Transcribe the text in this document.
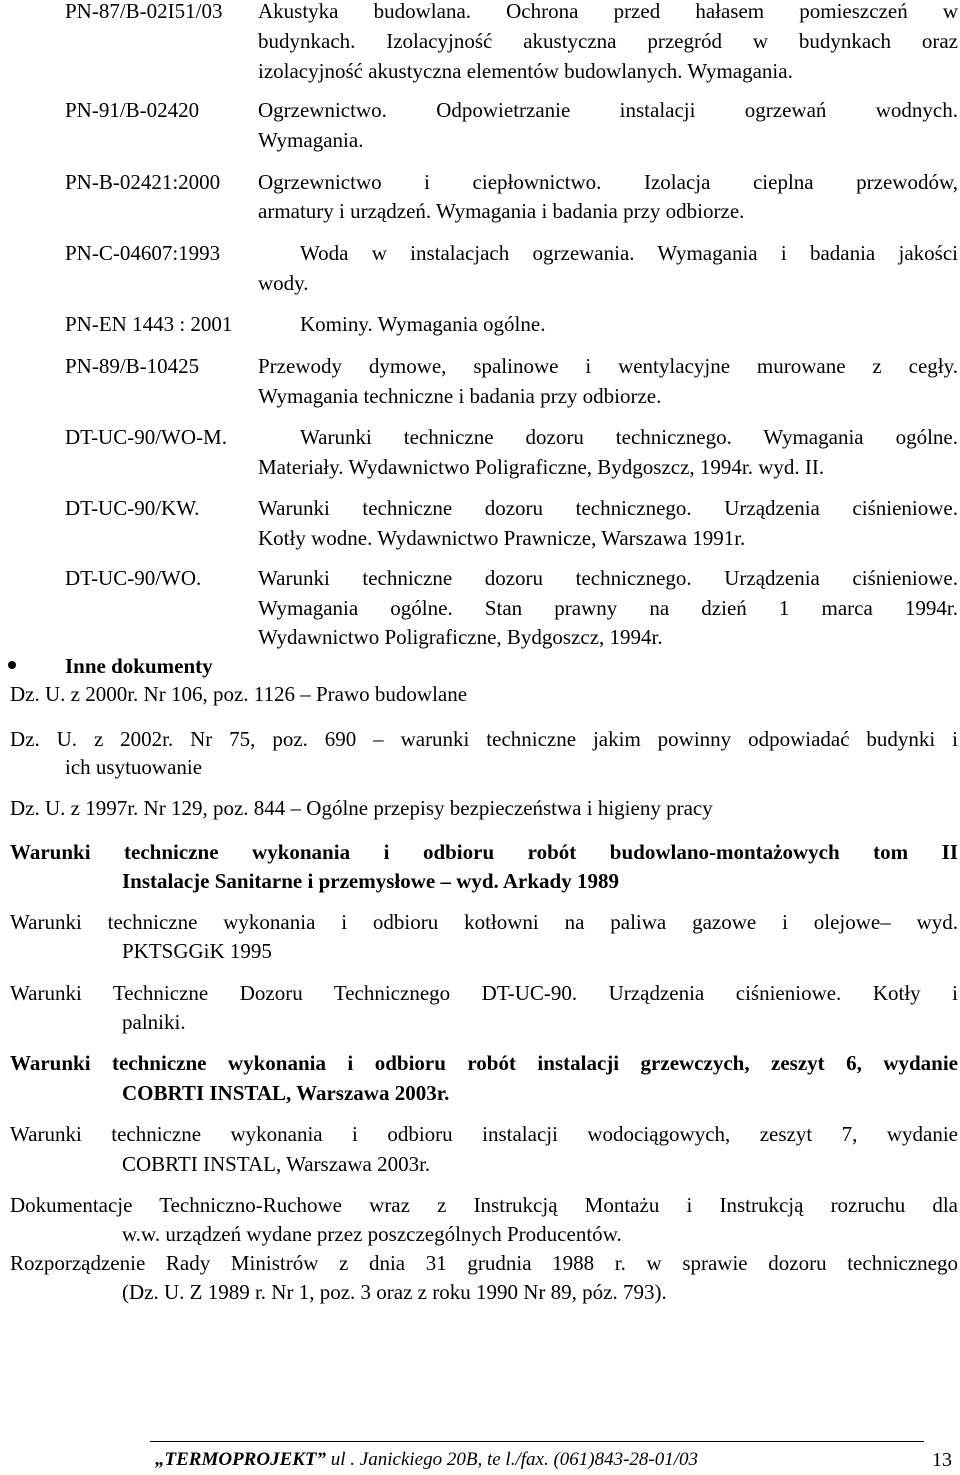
PN-87/B-02I51/03 Akustyka budowlana. Ochrona przed hałasem pomieszczeń w
budynkach. Izolacyjność akustyczna przegród w budynkach oraz
izolacyjność akustyczna elementów budowlanych. Wymagania.
PN-91/B-02420	Ogrzewnictwo. Odpowietrzanie instalacji ogrzewań wodnych.
Wymagania.
PN-B-02421:2000 Ogrzewnictwo i ciepłownictwo. Izolacja cieplna przewodów,
armatury i urządzeń. Wymagania i badania przy odbiorze.
PN-C-04607:1993	Woda w instalacjach ogrzewania. Wymagania i badania jakości
wody.
PN-EN 1443 : 2001	Kominy. Wymagania ogólne.
PN-89/B-10425	Przewody dymowe, spalinowe i wentylacyjne murowane z cegły.
Wymagania techniczne i badania przy odbiorze.
DT-UC-90/WO-M.	Warunki techniczne dozoru technicznego. Wymagania ogólne.
Materiały. Wydawnictwo Poligraficzne, Bydgoszcz, 1994r. wyd. II.
DT-UC-90/KW.	Warunki techniczne dozoru technicznego. Urządzenia ciśnieniowe.
Kotły wodne. Wydawnictwo Prawnicze, Warszawa 1991r.
DT-UC-90/WO.	Warunki techniczne dozoru technicznego. Urządzenia ciśnieniowe.
Wymagania ogólne. Stan prawny na dzień 1 marca 1994r.
Wydawnictwo Poligraficzne, Bydgoszcz, 1994r.
Inne dokumenty
Dz. U. z 2000r. Nr 106, poz. 1126 – Prawo budowlane
Dz. U. z 2002r. Nr 75, poz. 690 – warunki techniczne jakim powinny odpowiadać budynki i
ich usytuowanie
Dz. U. z 1997r. Nr 129, poz. 844 – Ogólne przepisy bezpieczeństwa i higieny pracy
Warunki techniczne wykonania i odbioru robót budowlano-montażowych tom II
Instalacje Sanitarne i przemysłowe – wyd. Arkady 1989
Warunki techniczne wykonania i odbioru kotłowni na paliwa gazowe i olejowe– wyd.
PKTSGGiK 1995
Warunki Techniczne Dozoru Technicznego DT-UC-90. Urządzenia ciśnieniowe. Kotły i
palniki.
Warunki techniczne wykonania i odbioru robót instalacji grzewczych, zeszyt 6, wydanie
COBRTI INSTAL, Warszawa 2003r.
Warunki techniczne wykonania i odbioru instalacji wodociągowych, zeszyt 7, wydanie
COBRTI INSTAL, Warszawa 2003r.
Dokumentacje Techniczno-Ruchowe wraz z Instrukcją Montażu i Instrukcją rozruchu dla
w.w. urządzeń wydane przez poszczególnych Producentów.
Rozporządzenie Rady Ministrów z dnia 31 grudnia 1988 r. w sprawie dozoru technicznego
(Dz. U. Z 1989 r. Nr 1, poz. 3 oraz z roku 1990 Nr 89, póz. 793).
„TERMOPROJEKT” ul . Janickiego 20B, te l./fax. (061)843-28-01/03	13
